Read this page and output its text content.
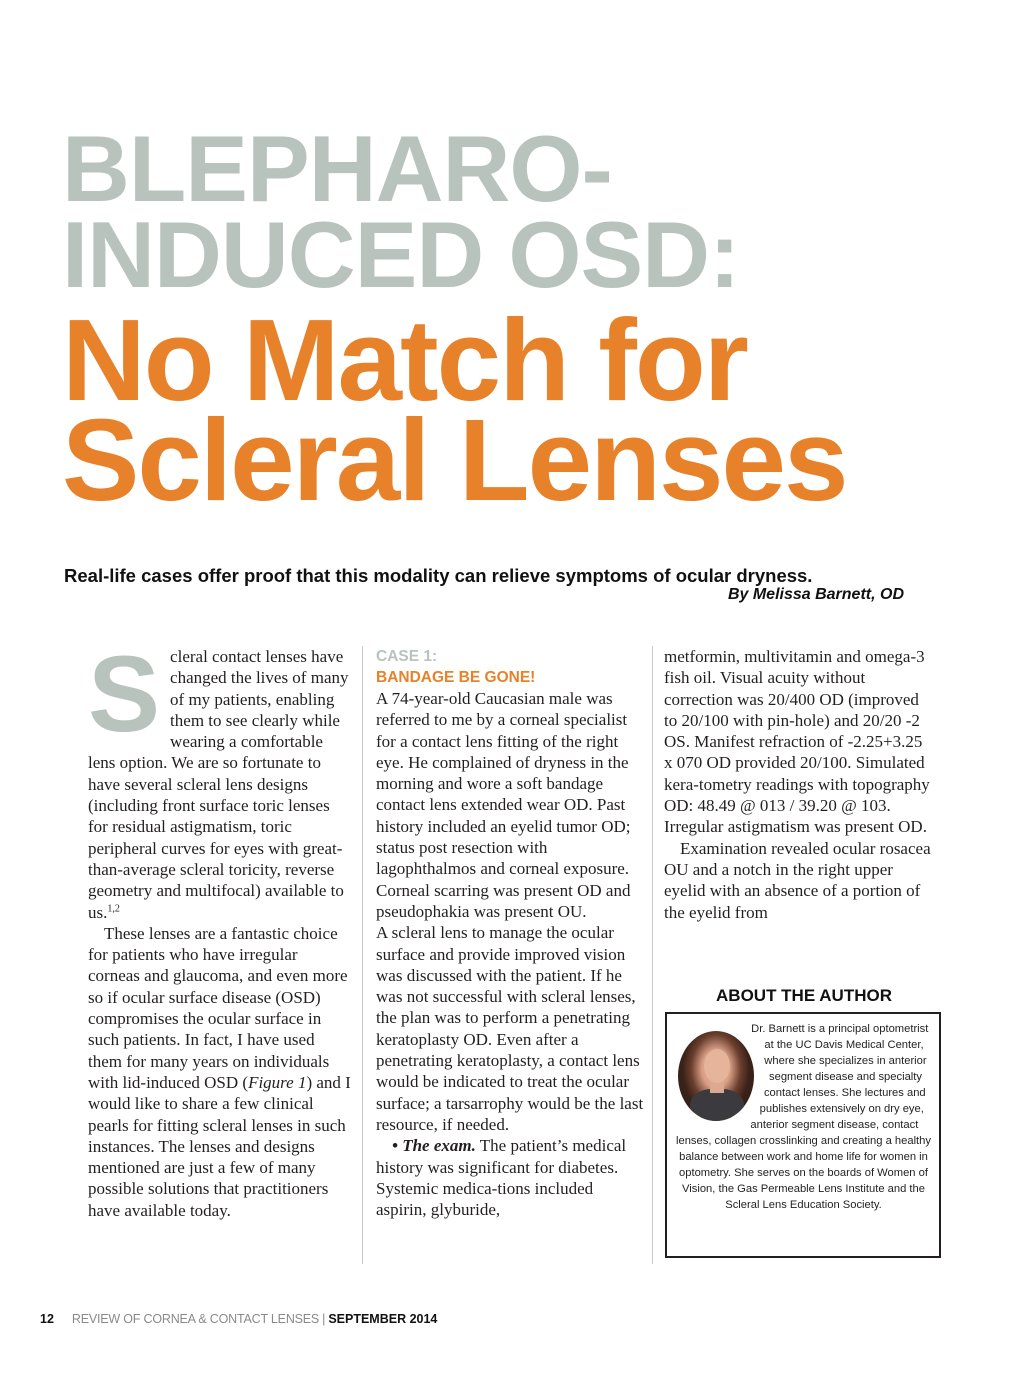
BLEPHARO-
INDUCED OSD:
No Match for
Scleral Lenses

Real-life cases offer proof that this modality can relieve symptoms of ocular dryness.

By Melissa Barnett, OD

Scleral contact lenses have changed the lives of many of my patients, enabling them to see clearly while wearing a comfortable lens option. We are so fortunate to have several scleral lens designs (including front surface toric lenses for residual astigmatism, toric peripheral curves for eyes with great-than-average scleral toricity, reverse geometry and multifocal) available to us.$^{1,2}$

These lenses are a fantastic choice for patients who have irregular corneas and glaucoma, and even more so if ocular surface disease (OSD) compromises the ocular surface in such patients. In fact, I have used them for many years on individuals with lid-induced OSD (Figure 1) and I would like to share a few clinical pearls for fitting scleral lenses in such instances. The lenses and designs mentioned are just a few of many possible solutions that practitioners have available today.

CASE 1:
BANDAGE BE GONE!

A 74-year-old Caucasian male was referred to me by a corneal specialist for a contact lens fitting of the right eye. He complained of dryness in the morning and wore a soft bandage contact lens extended wear OD. Past history included an eyelid tumor OD; status post resection with lagophthalmos and corneal exposure. Corneal scarring was present OD and pseudophakia was present OU.

A scleral lens to manage the ocular surface and provide improved vision was discussed with the patient. If he was not successful with scleral lenses, the plan was to perform a penetrating keratoplasty OD. Even after a penetrating keratoplasty, a contact lens would be indicated to treat the ocular surface; a tarsarrophy would be the last resource, if needed.

• The exam. The patient’s medical history was significant for diabetes. Systemic medica-tions included aspirin, glyburide,

metformin, multivitamin and omega-3 fish oil. Visual acuity without correction was 20/400 OD (improved to 20/100 with pin-hole) and 20/20 -2 OS. Manifest refraction of -2.25+3.25 x 070 OD provided 20/100. Simulated kera-tometry readings with topography OD: 48.49 @ 013 / 39.20 @ 103. Irregular astigmatism was present OD.

Examination revealed ocular rosacea OU and a notch in the right upper eyelid with an absence of a portion of the eyelid from

ABOUT THE AUTHOR
Dr. Barnett is a principal optometrist at the UC Davis Medical Center, where she specializes in anterior segment disease and specialty contact lenses. She lectures and publishes extensively on dry eye, anterior segment disease, contact lenses, collagen crosslinking and creating a healthy balance between work and home life for women in optometry. She serves on the boards of Women of Vision, the Gas Permeable Lens Institute and the Scleral Lens Education Society.
12 REVIEW OF CORNEA & CONTACT LENSES | SEPTEMBER 2014
